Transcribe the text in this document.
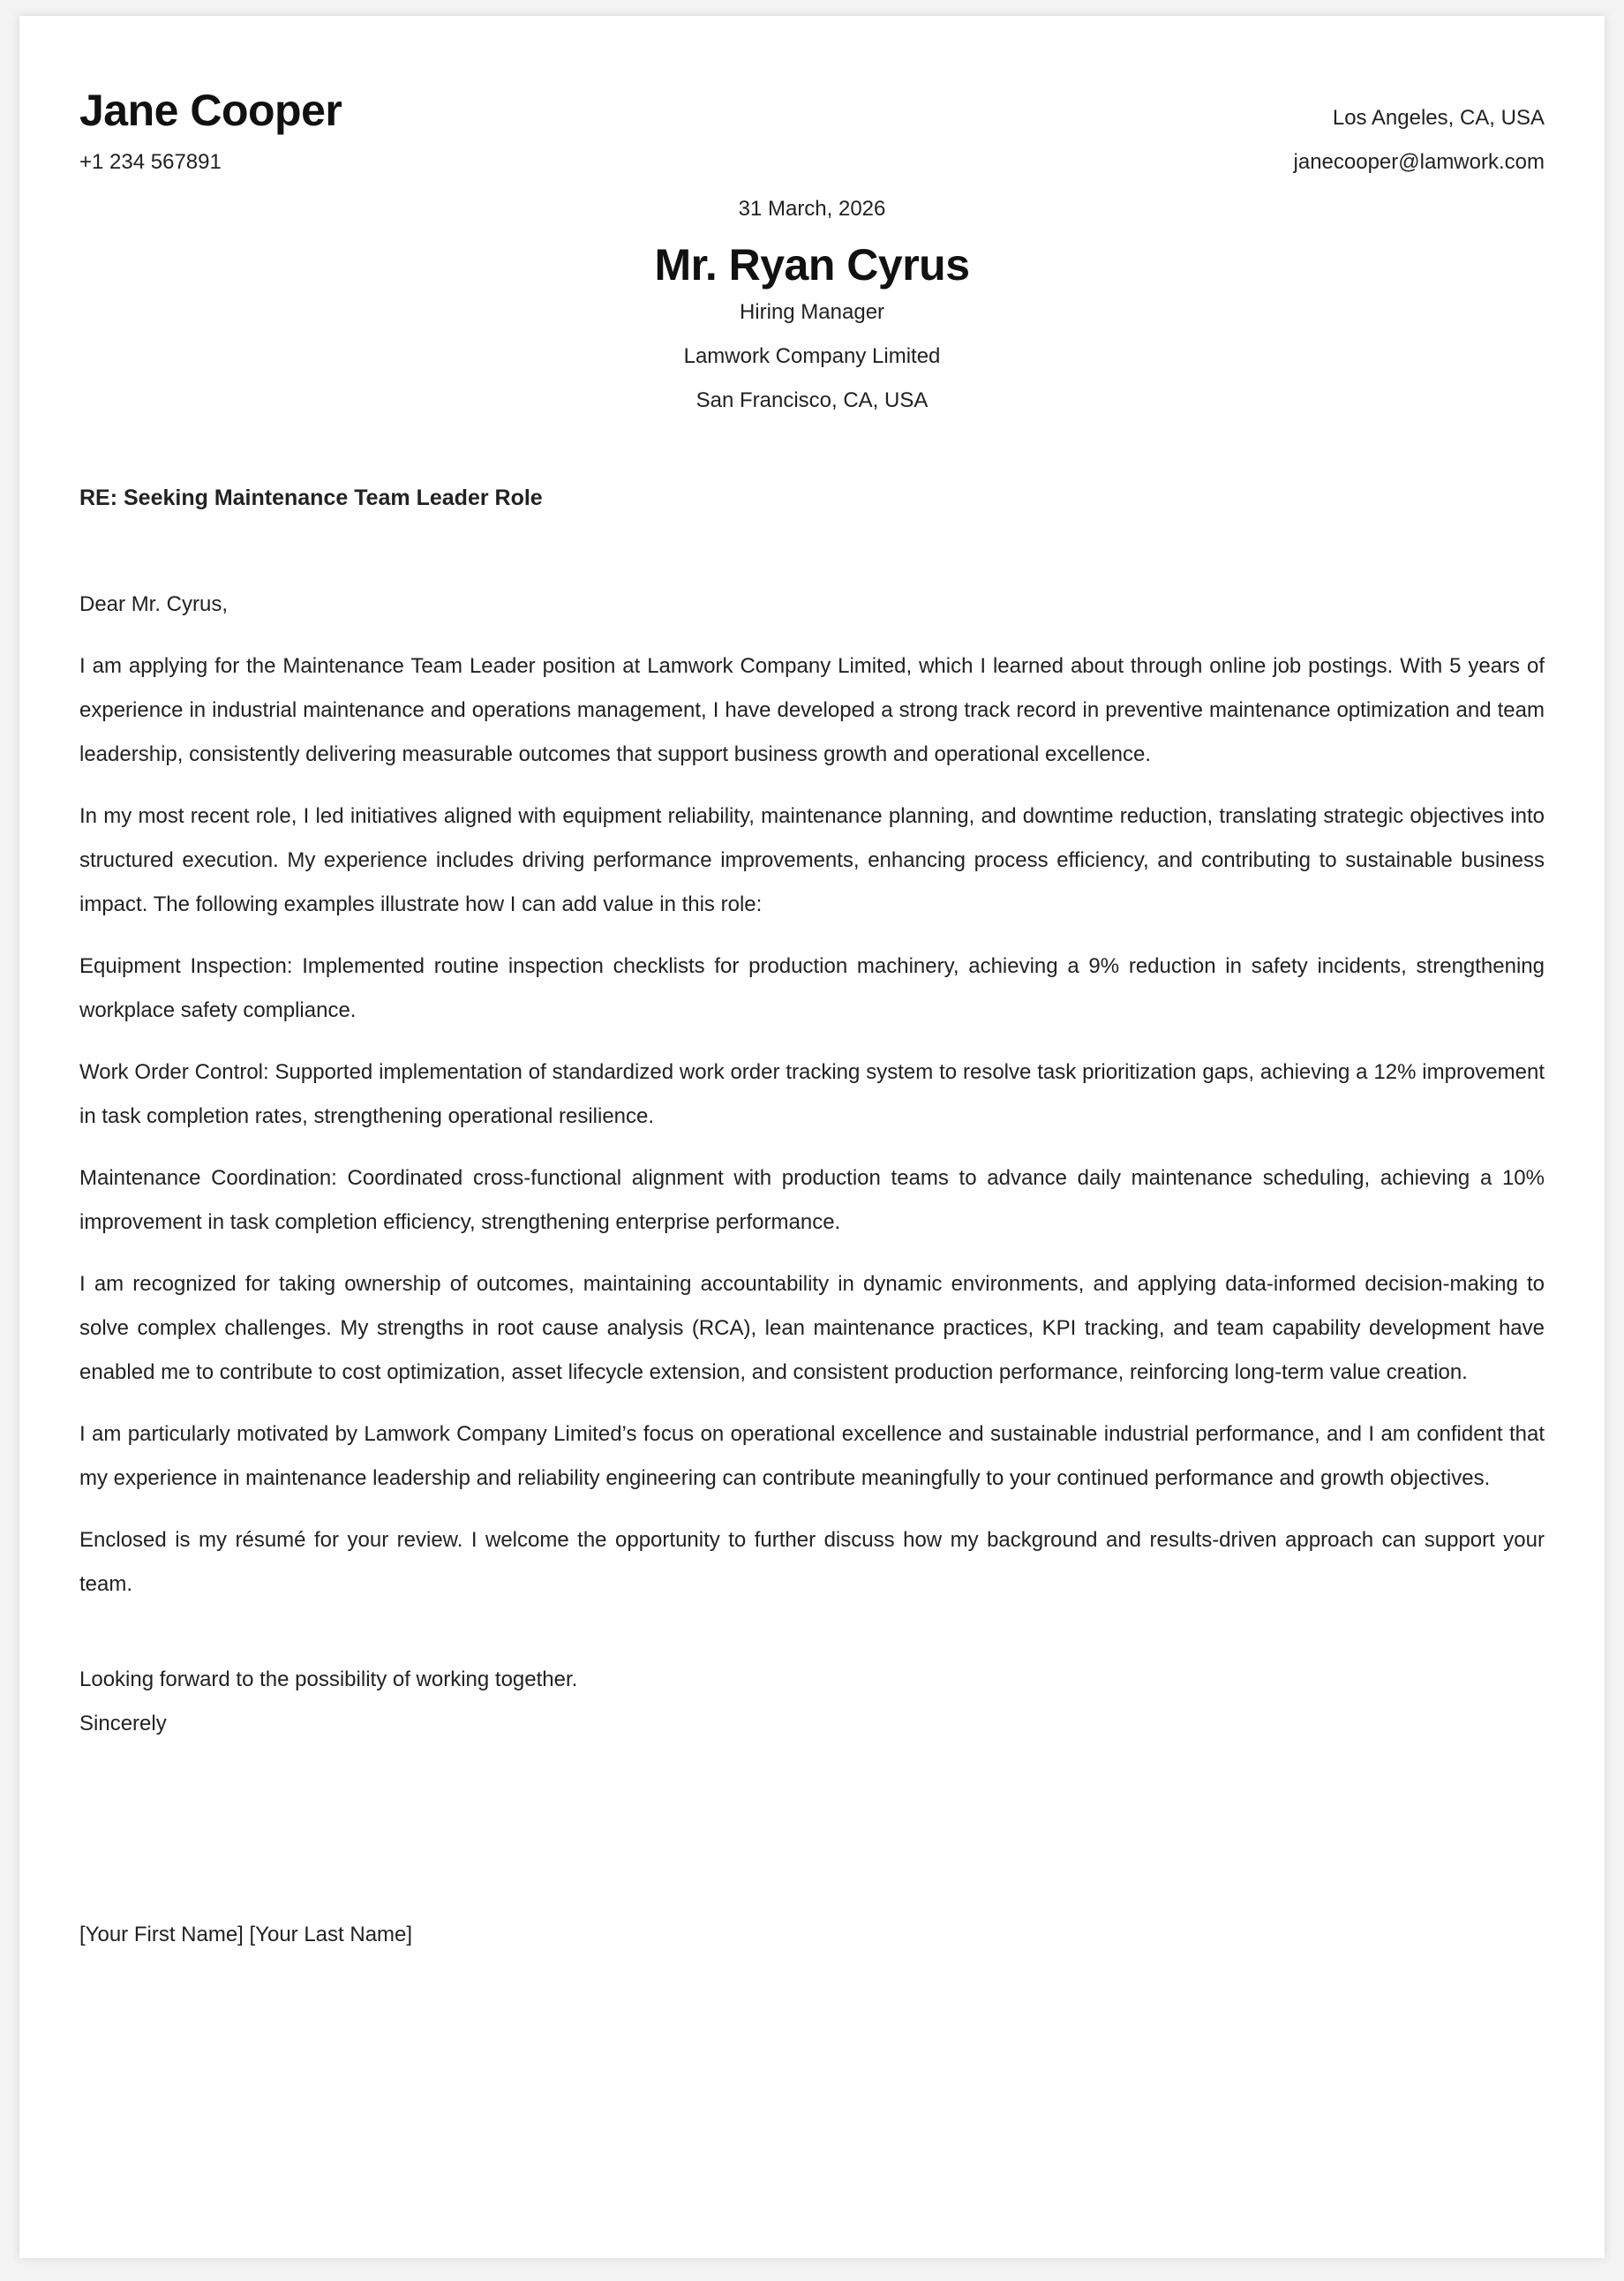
Jane Cooper
+1 234 567891
Los Angeles, CA, USA
janecooper@lamwork.com
31 March, 2026
Mr. Ryan Cyrus
Hiring Manager
Lamwork Company Limited
San Francisco, CA, USA
RE: Seeking Maintenance Team Leader Role

Dear Mr. Cyrus,

I am applying for the Maintenance Team Leader position at Lamwork Company Limited, which I learned about through online job postings. With 5 years of experience in industrial maintenance and operations management, I have developed a strong track record in preventive maintenance optimization and team leadership, consistently delivering measurable outcomes that support business growth and operational excellence.

In my most recent role, I led initiatives aligned with equipment reliability, maintenance planning, and downtime reduction, translating strategic objectives into structured execution. My experience includes driving performance improvements, enhancing process efficiency, and contributing to sustainable business impact. The following examples illustrate how I can add value in this role:

Equipment Inspection: Implemented routine inspection checklists for production machinery, achieving a 9% reduction in safety incidents, strengthening workplace safety compliance.

Work Order Control: Supported implementation of standardized work order tracking system to resolve task prioritization gaps, achieving a 12% improvement in task completion rates, strengthening operational resilience.

Maintenance Coordination: Coordinated cross-functional alignment with production teams to advance daily maintenance scheduling, achieving a 10% improvement in task completion efficiency, strengthening enterprise performance.

I am recognized for taking ownership of outcomes, maintaining accountability in dynamic environments, and applying data-informed decision-making to solve complex challenges. My strengths in root cause analysis (RCA), lean maintenance practices, KPI tracking, and team capability development have enabled me to contribute to cost optimization, asset lifecycle extension, and consistent production performance, reinforcing long-term value creation.

I am particularly motivated by Lamwork Company Limited’s focus on operational excellence and sustainable industrial performance, and I am confident that my experience in maintenance leadership and reliability engineering can contribute meaningfully to your continued performance and growth objectives.

Enclosed is my résumé for your review. I welcome the opportunity to further discuss how my background and results-driven approach can support your team.

Looking forward to the possibility of working together.
Sincerely
[Your First Name] [Your Last Name]
